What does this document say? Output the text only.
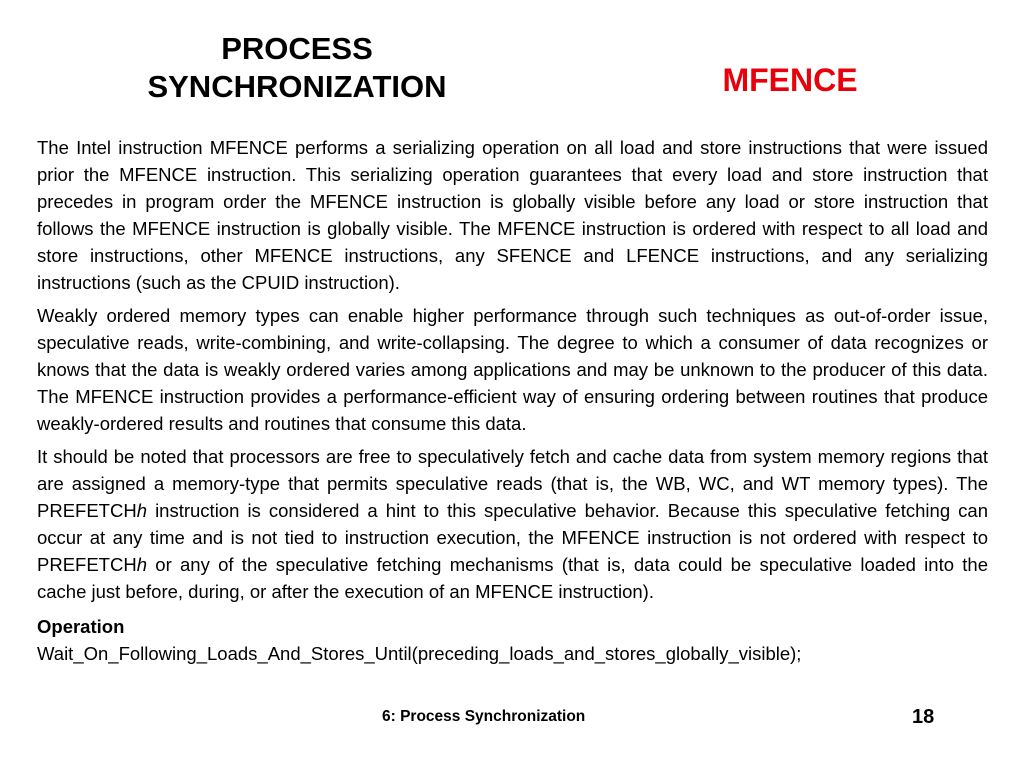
PROCESS
SYNCHRONIZATION	MFENCE

The Intel instruction MFENCE performs a serializing operation on all load and store instructions that were issued prior the MFENCE instruction. This serializing operation guarantees that every load and store instruction that precedes in program order the MFENCE instruction is globally visible before any load or store instruction that follows the MFENCE instruction is globally visible. The MFENCE instruction is ordered with respect to all load and store instructions, other MFENCE instructions, any SFENCE and LFENCE instructions, and any serializing instructions (such as the CPUID instruction).

Weakly ordered memory types can enable higher performance through such techniques as out-of-order issue, speculative reads, write-combining, and write-collapsing. The degree to which a consumer of data recognizes or knows that the data is weakly ordered varies among applications and may be unknown to the producer of this data. The MFENCE instruction provides a performance-efficient way of ensuring ordering between routines that produce weakly-ordered results and routines that consume this data.

It should be noted that processors are free to speculatively fetch and cache data from system memory regions that are assigned a memory-type that permits speculative reads (that is, the WB, WC, and WT memory types). The PREFETCHh instruction is considered a hint to this speculative behavior. Because this speculative fetching can occur at any time and is not tied to instruction execution, the MFENCE instruction is not ordered with respect to PREFETCHh or any of the speculative fetching mechanisms (that is, data could be speculative loaded into the cache just before, during, or after the execution of an MFENCE instruction).

Operation
Wait_On_Following_Loads_And_Stores_Until(preceding_loads_and_stores_globally_visible);
6: Process Synchronization	18
